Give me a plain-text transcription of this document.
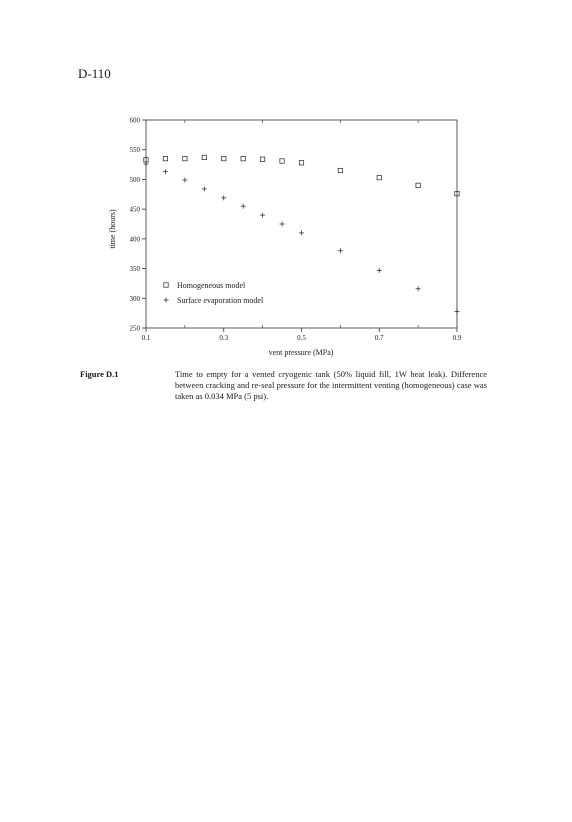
D-110
250
300
350
400
450
500
550
600
0.1	0.3	0.5	0.7	0.9
Homogeneous model
Surface evaporation model
vent pressure (MPa)
time (hours)
Figure D.1	Time to empty for a vented cryogenic tank (50% liquid fill, 1W heat leak). Difference between cracking and re-seal pressure for the intermittent venting (homogeneous) case was taken as 0.034 MPa (5 psi).
